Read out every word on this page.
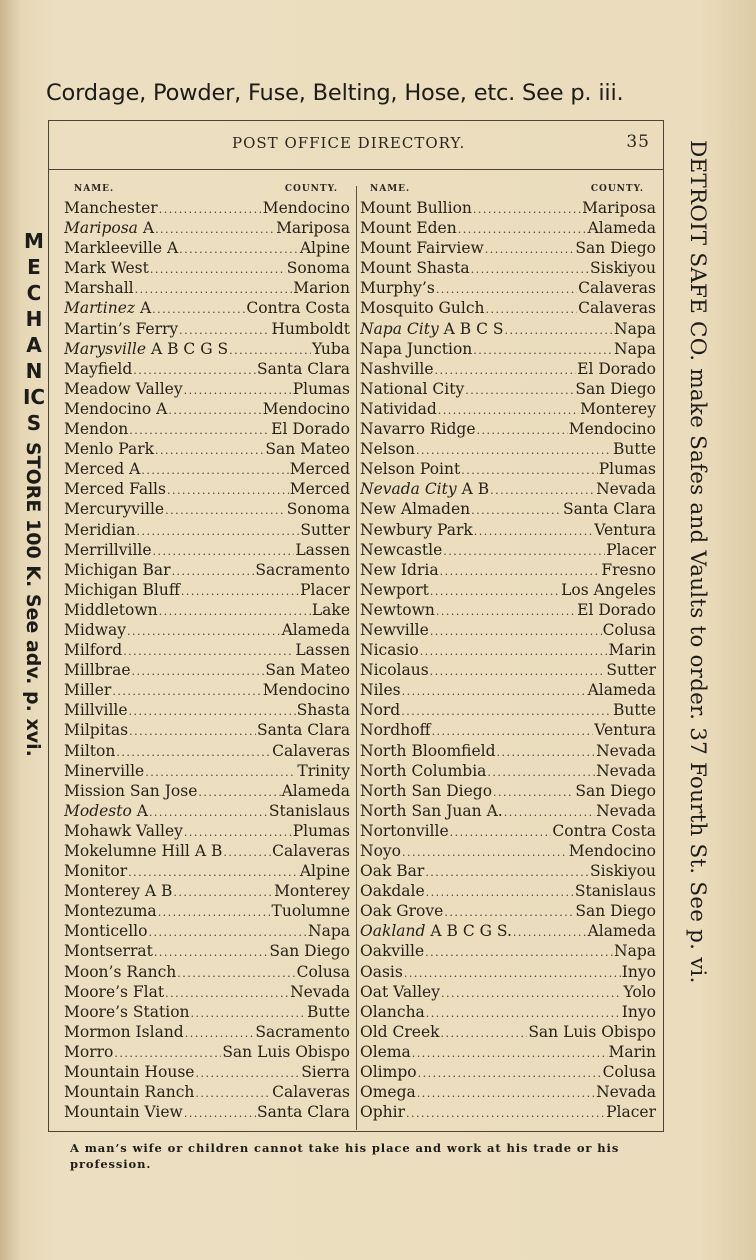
Cordage, Powder, Fuse, Belting, Hose, etc. See p. iii.
MECHANICS
STORE 100 K. See adv. p. xvi.	DETROIT SAFE CO. make Safes and Vaults to order. 37 Fourth St. See p. vi.
POST OFFICE DIRECTORY.	35
NAME.	COUNTY.
Manchester .....	Mendocino
Mariposa A .....	Mariposa
Markleeville A .....	Alpine
Mark West .....	Sonoma
Marshall .....	Marion
Martinez A .....	Contra Costa
Martin’s Ferry .....	Humboldt
Marysville A B C G S .....	Yuba
Mayfield .....	Santa Clara
Meadow Valley .....	Plumas
Mendocino A .....	Mendocino
Mendon .....	El Dorado
Menlo Park .....	San Mateo
Merced A .....	Merced
Merced Falls .....	Merced
Mercuryville .....	Sonoma
Meridian .....	Sutter
Merrillville .....	Lassen
Michigan Bar .....	Sacramento
Michigan Bluff .....	Placer
Middletown .....	Lake
Midway .....	Alameda
Milford .....	Lassen
Millbrae .....	San Mateo
Miller .....	Mendocino
Millville .....	Shasta
Milpitas .....	Santa Clara
Milton .....	Calaveras
Minerville .....	Trinity
Mission San Jose .....	Alameda
Modesto A .....	Stanislaus
Mohawk Valley .....	Plumas
Mokelumne Hill A B .....	Calaveras
Monitor .....	Alpine
Monterey A B .....	Monterey
Montezuma .....	Tuolumne
Monticello .....	Napa
Montserrat .....	San Diego
Moon’s Ranch .....	Colusa
Moore’s Flat .....	Nevada
Moore’s Station .....	Butte
Mormon Island .....	Sacramento
Morro .....	San Luis Obispo
Mountain House .....	Sierra
Mountain Ranch .....	Calaveras
Mountain View .....	Santa Clara
NAME.	COUNTY.
Mount Bullion .....	Mariposa
Mount Eden .....	Alameda
Mount Fairview .....	San Diego
Mount Shasta .....	Siskiyou
Murphy’s .....	Calaveras
Mosquito Gulch .....	Calaveras
Napa City A B C S .....	Napa
Napa Junction .....	Napa
Nashville .....	El Dorado
National City .....	San Diego
Natividad .....	Monterey
Navarro Ridge .....	Mendocino
Nelson .....	Butte
Nelson Point .....	Plumas
Nevada City A B .....	Nevada
New Almaden .....	Santa Clara
Newbury Park .....	Ventura
Newcastle .....	Placer
New Idria .....	Fresno
Newport .....	Los Angeles
Newtown .....	El Dorado
Newville .....	Colusa
Nicasio .....	Marin
Nicolaus .....	Sutter
Niles .....	Alameda
Nord .....	Butte
Nordhoff .....	Ventura
North Bloomfield .....	Nevada
North Columbia .....	Nevada
North San Diego .....	San Diego
North San Juan A. .....	Nevada
Nortonville .....	Contra Costa
Noyo .....	Mendocino
Oak Bar .....	Siskiyou
Oakdale .....	Stanislaus
Oak Grove .....	San Diego
Oakland A B C G S. .....	Alameda
Oakville .....	Napa
Oasis .....	Inyo
Oat Valley .....	Yolo
Olancha .....	Inyo
Old Creek .....	San Luis Obispo
Olema .....	Marin
Olimpo .....	Colusa
Omega .....	Nevada
Ophir .....	Placer
A man’s wife or children cannot take his place and work at his trade or his profession.
